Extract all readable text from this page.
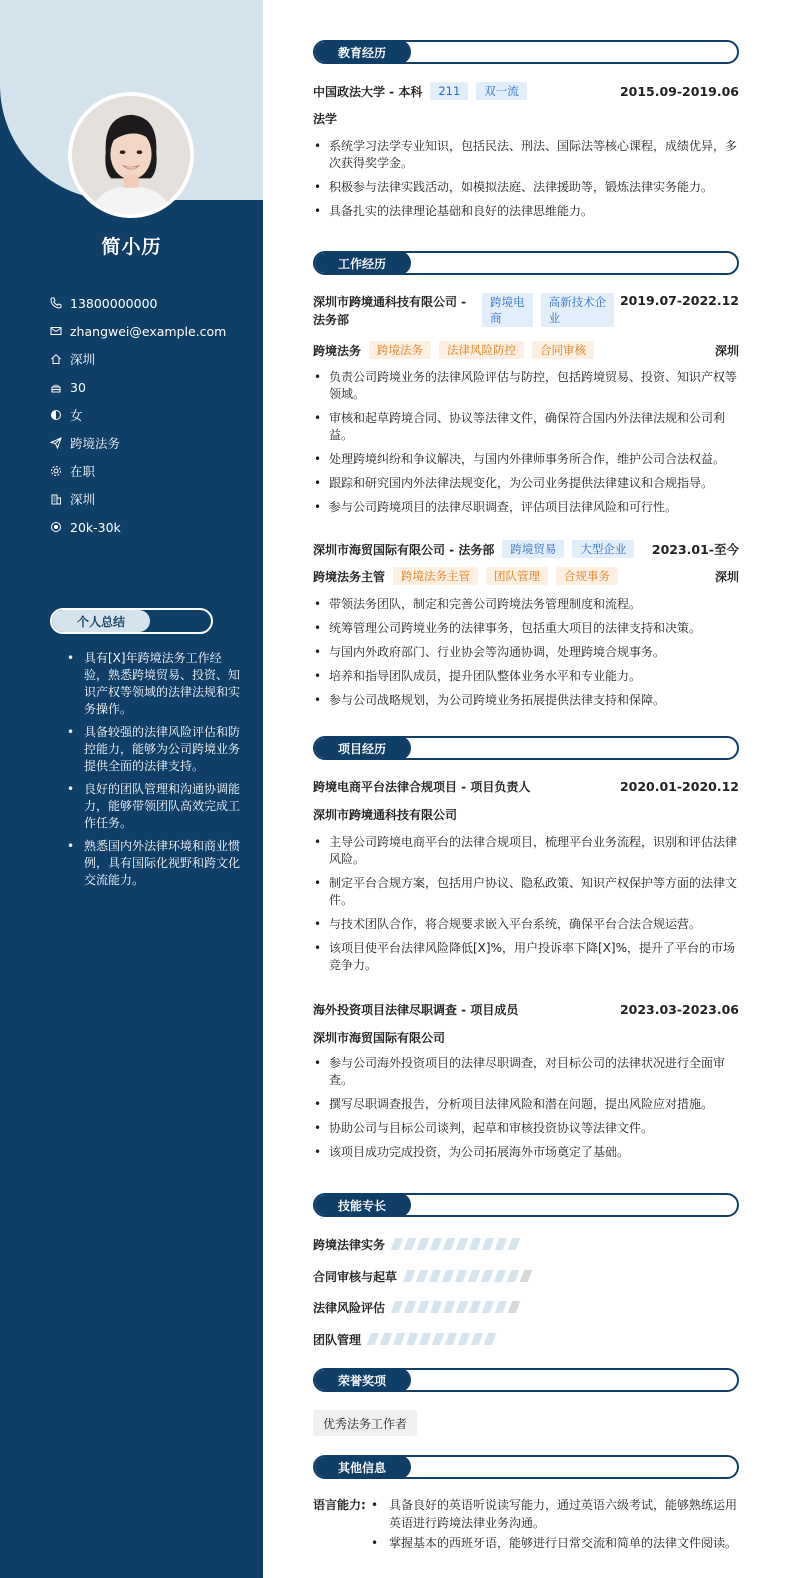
简小历
13800000000
zhangwei@example.com
深圳
30
女
跨境法务
在职
深圳
20k-30k
个人总结
• 具有[X]年跨境法务工作经验，熟悉跨境贸易、投资、知识产权等领域的法律法规和实务操作。
• 具备较强的法律风险评估和防控能力，能够为公司跨境业务提供全面的法律支持。
• 良好的团队管理和沟通协调能力，能够带领团队高效完成工作任务。
• 熟悉国内外法律环境和商业惯例，具有国际化视野和跨文化交流能力。
教育经历
中国政法大学 - 本科	211	双一流	2015.09-2019.06
法学
• 系统学习法学专业知识，包括民法、刑法、国际法等核心课程，成绩优异，多次获得奖学金。
• 积极参与法律实践活动，如模拟法庭、法律援助等，锻炼法律实务能力。
• 具备扎实的法律理论基础和良好的法律思维能力。
工作经历
深圳市跨境通科技有限公司 -
法务部
跨境电
商
高新技术企
业
2019.07-2022.12
跨境法务	跨境法务	法律风险防控	合同审核	深圳
• 负责公司跨境业务的法律风险评估与防控，包括跨境贸易、投资、知识产权等领域。
• 审核和起草跨境合同、协议等法律文件，确保符合国内外法律法规和公司利益。
• 处理跨境纠纷和争议解决，与国内外律师事务所合作，维护公司合法权益。
• 跟踪和研究国内外法律法规变化，为公司业务提供法律建议和合规指导。
• 参与公司跨境项目的法律尽职调查，评估项目法律风险和可行性。
深圳市海贸国际有限公司 - 法务部	跨境贸易	大型企业	2023.01-至今
跨境法务主管	跨境法务主管	团队管理	合规事务	深圳
• 带领法务团队，制定和完善公司跨境法务管理制度和流程。
• 统筹管理公司跨境业务的法律事务，包括重大项目的法律支持和决策。
• 与国内外政府部门、行业协会等沟通协调，处理跨境合规事务。
• 培养和指导团队成员，提升团队整体业务水平和专业能力。
• 参与公司战略规划，为公司跨境业务拓展提供法律支持和保障。
项目经历
跨境电商平台法律合规项目 - 项目负责人	2020.01-2020.12
深圳市跨境通科技有限公司
• 主导公司跨境电商平台的法律合规项目，梳理平台业务流程，识别和评估法律风险。
• 制定平台合规方案，包括用户协议、隐私政策、知识产权保护等方面的法律文件。
• 与技术团队合作，将合规要求嵌入平台系统，确保平台合法合规运营。
• 该项目使平台法律风险降低[X]%，用户投诉率下降[X]%，提升了平台的市场竞争力。
海外投资项目法律尽职调查 - 项目成员	2023.03-2023.06
深圳市海贸国际有限公司
• 参与公司海外投资项目的法律尽职调查，对目标公司的法律状况进行全面审查。
• 撰写尽职调查报告，分析项目法律风险和潜在问题，提出风险应对措施。
• 协助公司与目标公司谈判，起草和审核投资协议等法律文件。
• 该项目成功完成投资，为公司拓展海外市场奠定了基础。
技能专长
跨境法律实务
合同审核与起草
法律风险评估
团队管理
荣誉奖项
优秀法务工作者
其他信息
语言能力:
•	具备良好的英语听说读写能力，通过英语六级考试，能够熟练运用英语进行跨境法律业务沟通。
• 掌握基本的西班牙语，能够进行日常交流和简单的法律文件阅读。
